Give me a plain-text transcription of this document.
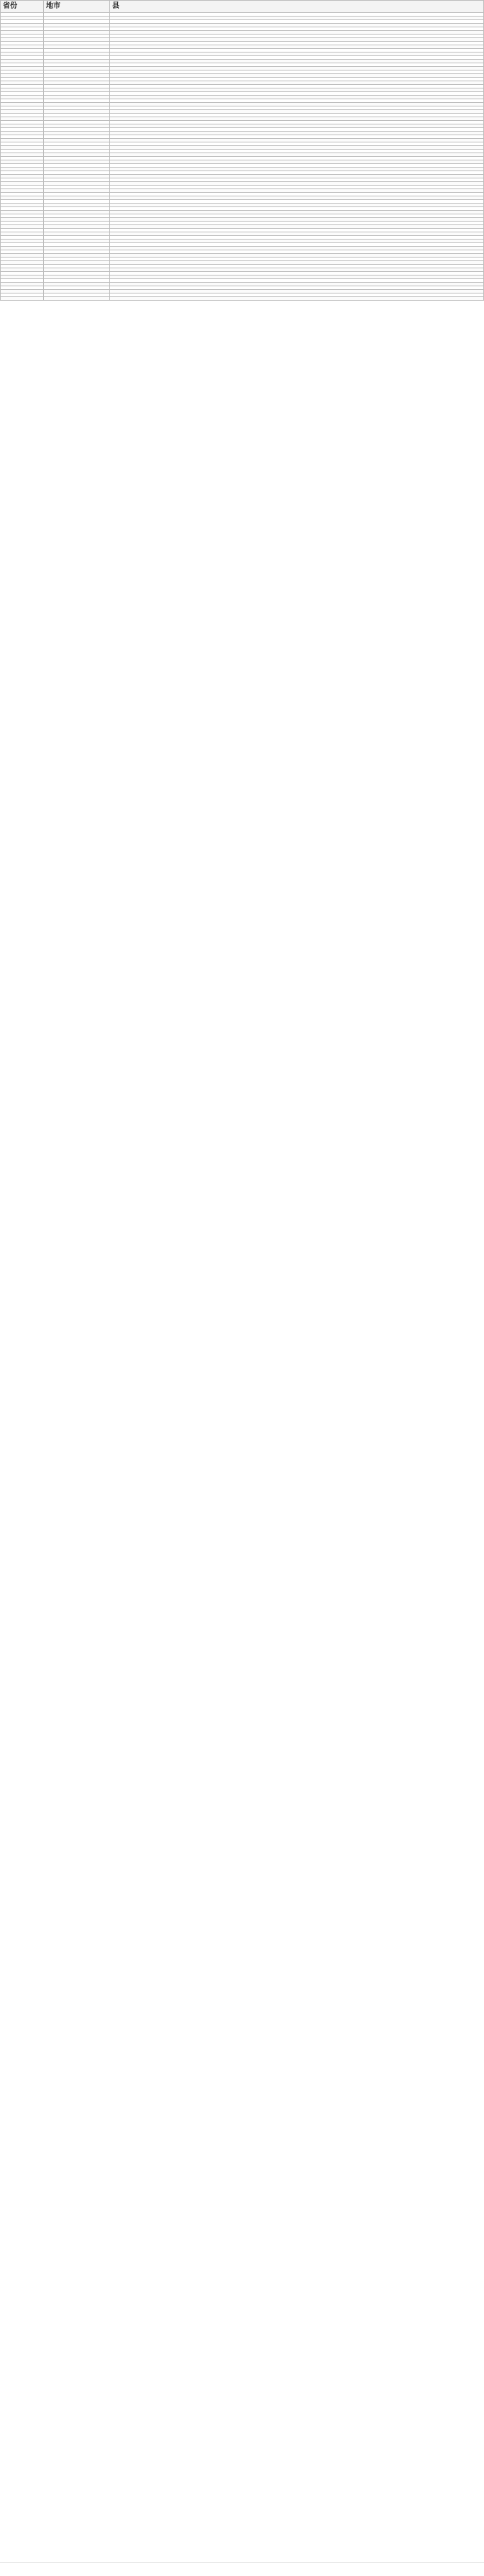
省份	地市	县
